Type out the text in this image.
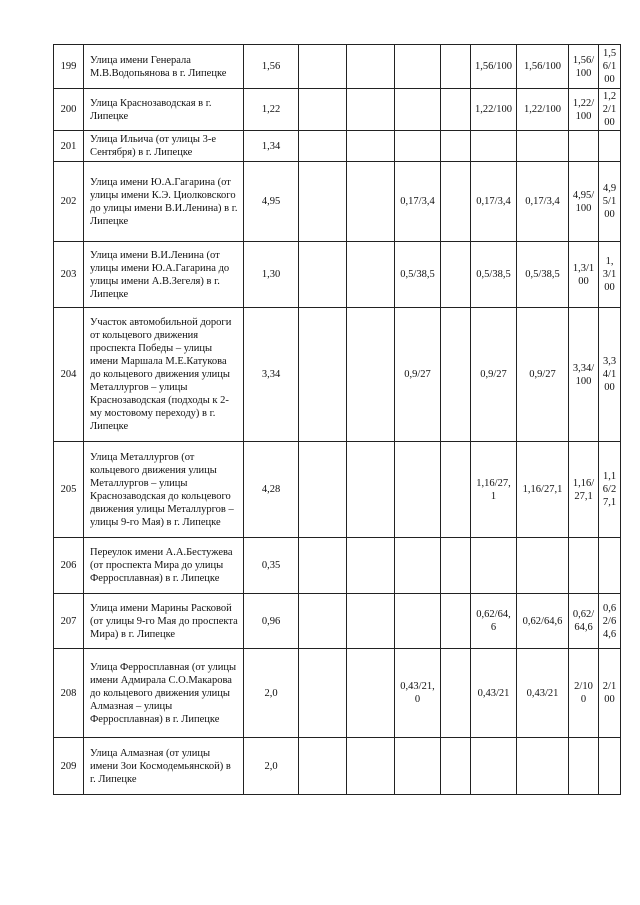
199	Улица имени Генерала М.В.Водопьянова в г. Липецке	1,56					1,56/100	1,56/100	1,56/100	1,56/100
200	Улица Краснозаводская в г. Липецке	1,22					1,22/100	1,22/100	1,22/100	1,22/100
201	Улица Ильича (от улицы 3-е Сентября) в г. Липецке	1,34								
202	Улица имени Ю.А.Гагарина (от улицы имени К.Э. Циолковского до улицы имени В.И.Ленина) в г. Липецке	4,95			0,17/3,4		0,17/3,4	0,17/3,4	4,95/100	4,95/100
203	Улица имени В.И.Ленина (от улицы имени Ю.А.Гагарина до улицы имени А.В.Зегеля) в г. Липецке	1,30			0,5/38,5		0,5/38,5	0,5/38,5	1,3/100	1,3/100
204	Участок автомобильной дороги от кольцевого движения проспекта Победы – улицы имени Маршала М.Е.Катукова до кольцевого движения улицы Металлургов – улицы Краснозаводская (подходы к 2-му мостовому переходу) в г. Липецке	3,34			0,9/27		0,9/27	0,9/27	3,34/100	3,34/100
205	Улица Металлургов (от кольцевого движения улицы Металлургов – улицы Краснозаводская до кольцевого движения улицы Металлургов – улицы 9-го Мая) в г. Липецке	4,28					1,16/27,1	1,16/27,1	1,16/27,1	1,16/27,1
206	Переулок имени А.А.Бестужева (от проспекта Мира до улицы Ферросплавная) в г. Липецке	0,35								
207	Улица имени Марины Расковой (от улицы 9-го Мая до проспекта Мира) в г. Липецке	0,96					0,62/64,6	0,62/64,6	0,62/64,6	0,62/64,6
208	Улица Ферросплавная (от улицы имени Адмирала С.О.Макарова до кольцевого движения улицы Алмазная – улицы Ферросплавная) в г. Липецке	2,0			0,43/21,0		0,43/21	0,43/21	2/100	2/100
209	Улица Алмазная (от улицы имени Зои Космодемьянской) в г. Липецке	2,0								
